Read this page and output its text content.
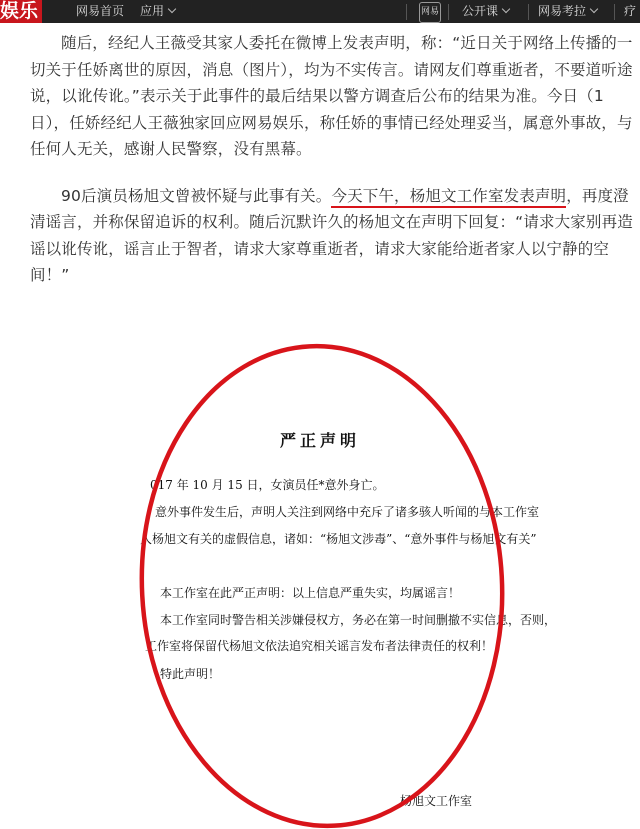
娱乐	网易首页 应用	网易 公开课	网易考拉	疗

随后，经纪人王薇受其家人委托在微博上发表声明，称：“近日关于网络上传播的一切关于任娇离世的原因，消息（图片），均为不实传言。请网友们尊重逝者，不要道听途说，以讹传讹。”表示关于此事件的最后结果以警方调查后公布的结果为准。今日（1日），任娇经纪人王薇独家回应网易娱乐，称任娇的事情已经处理妥当，属意外事故，与任何人无关，感谢人民警察，没有黑幕。

90后演员杨旭文曾被怀疑与此事有关。今天下午，杨旭文工作室发表声明，再度澄清谣言，并称保留追诉的权利。随后沉默许久的杨旭文在声明下回复：“请求大家别再造谣以讹传讹，谣言止于智者，请求大家尊重逝者，请求大家能给逝者家人以宁静的空间！”

严正声明
017 年 10 月 15 日，女演员任*意外身亡。
意外事件发生后，声明人关注到网络中充斥了诸多骇人听闻的与本工作室
人杨旭文有关的虚假信息，诸如：“杨旭文涉毒”、“意外事件与杨旭文有关”
。
本工作室在此严正声明：以上信息严重失实，均属谣言！
本工作室同时警告相关涉嫌侵权方，务必在第一时间删撤不实信息，否则，
工作室将保留代杨旭文依法追究相关谣言发布者法律责任的权利！
特此声明！
杨旭文工作室
